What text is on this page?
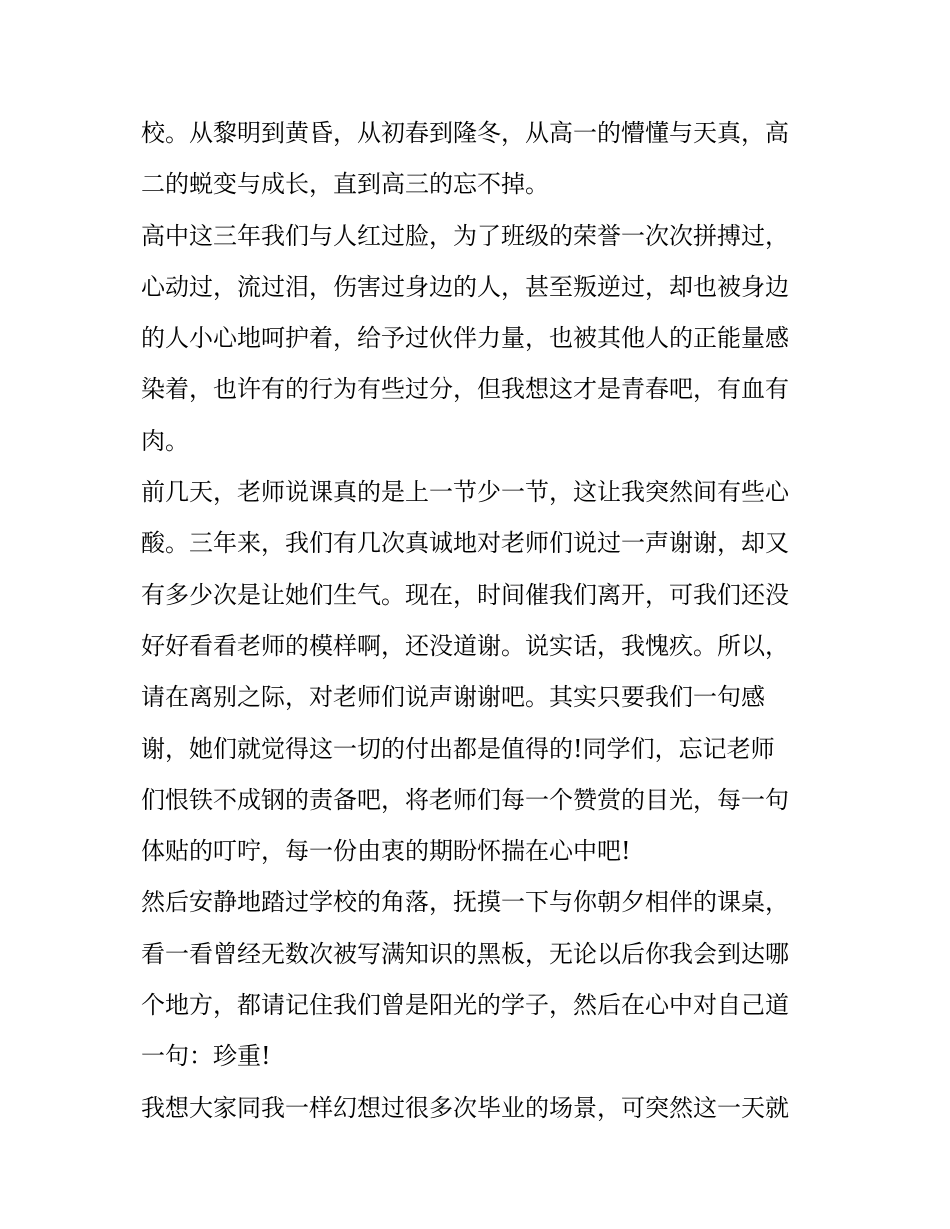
校。从黎明到黄昏，从初春到隆冬，从高一的懵懂与天真，高
二的蜕变与成长，直到高三的忘不掉。
高中这三年我们与人红过脸，为了班级的荣誉一次次拼搏过，
心动过，流过泪，伤害过身边的人，甚至叛逆过，却也被身边
的人小心地呵护着，给予过伙伴力量，也被其他人的正能量感
染着，也许有的行为有些过分，但我想这才是青春吧，有血有
肉。
前几天，老师说课真的是上一节少一节，这让我突然间有些心
酸。三年来，我们有几次真诚地对老师们说过一声谢谢，却又
有多少次是让她们生气。现在，时间催我们离开，可我们还没
好好看看老师的模样啊，还没道谢。说实话，我愧疚。所以，
请在离别之际，对老师们说声谢谢吧。其实只要我们一句感
谢，她们就觉得这一切的付出都是值得的!同学们，忘记老师
们恨铁不成钢的责备吧，将老师们每一个赞赏的目光，每一句
体贴的叮咛，每一份由衷的期盼怀揣在心中吧!
然后安静地踏过学校的角落，抚摸一下与你朝夕相伴的课桌，
看一看曾经无数次被写满知识的黑板，无论以后你我会到达哪
个地方，都请记住我们曾是阳光的学子，然后在心中对自己道
一句：珍重!
我想大家同我一样幻想过很多次毕业的场景，可突然这一天就
